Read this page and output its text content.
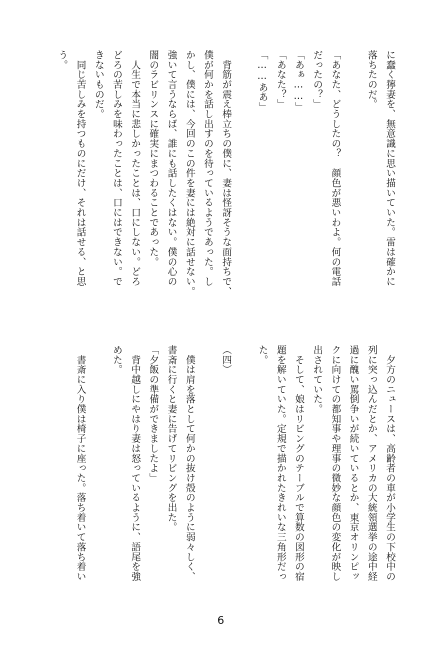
に蠢く獰妻を、無意識に思い描いていた。雷は確かに

落ちたのだ。

「あなた、どうしたの？　顔色が悪いわよ。何の電話

だったの？」

「あぁ……」

「あなた？」

「……ああ」

　背筋が震え棒立ちの僕に、妻は怪訝そうな面持ちで、

僕が何かを話し出すのを待っているようであった。し

かし、僕には、今回のこの件を妻には絶対に話せない。

強いて言うならば、誰にも話したくはない。僕の心の

闇のラビリンスに確実にまつわることであった。

　人生で本当に悲しかったことは、口にしない。どろ

どろの苦しみを味わったことは、口にはできない。で

きないものだ。

　同じ苦しみを持つものにだけ、それは話せる、と思

う。

　夕方のニュースは、高齢者の車が小学生の下校中の

列に突っ込んだとか、アメリカの大統領選挙の途中経

過に醜い罵倒争いが続いているとか、東京オリンピッ

クに向けての都知事や理事の微妙な顔色の変化が映し

出されていた。

　そして、娘はリビングのテーブルで算数の図形の宿

題を解いていた。定規で描かれたきれいな三角形だっ

た。

（四）

　僕は肩を落として何かの抜け殻のように弱々しく、

書斎に行くと妻に告げてリビングを出た。

「夕飯の準備ができましたよ」

　背中越しにやはり妻は怒っているように、語尾を強

めた。

　書斎に入り僕は椅子に座った。落ち着いて落ち着い

6
